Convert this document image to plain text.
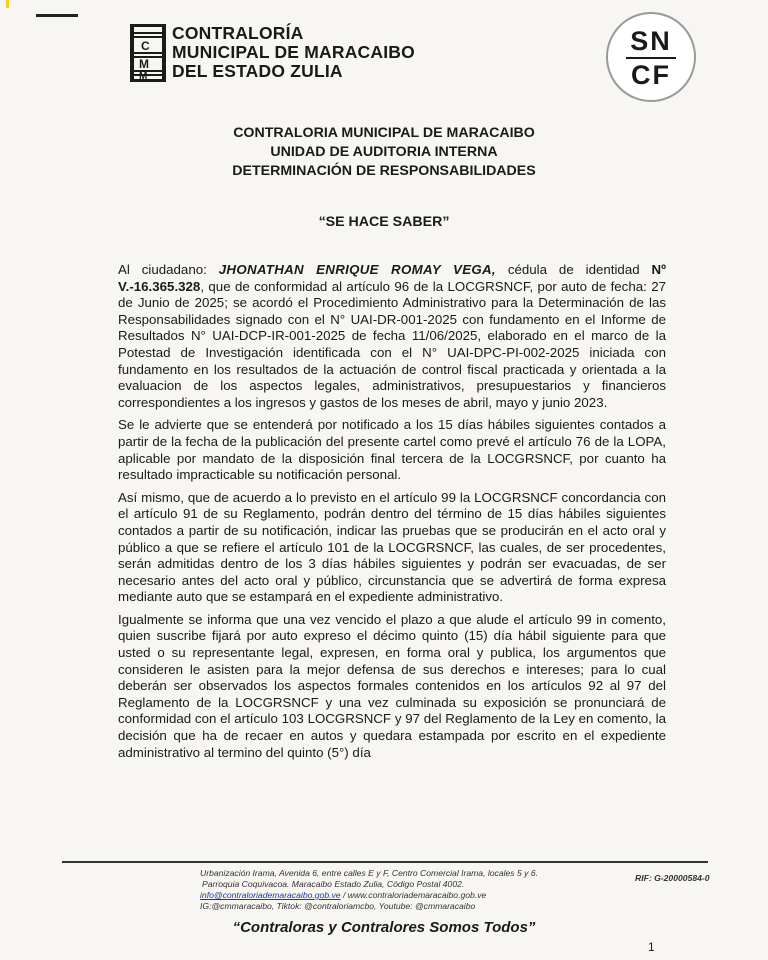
C
M
M
CONTRALORÍA
MUNICIPAL DE MARACAIBO
DEL ESTADO ZULIA
SN
CF
CONTRALORIA MUNICIPAL DE MARACAIBO
UNIDAD DE AUDITORIA INTERNA
DETERMINACIÓN DE RESPONSABILIDADES
“SE HACE SABER”

Al ciudadano: JHONATHAN ENRIQUE ROMAY VEGA, cédula de identidad Nº V.-16.365.328, que de conformidad al artículo 96 de la LOCGRSNCF, por auto de fecha: 27 de Junio de 2025; se acordó el Procedimiento Administrativo para la Determinación de las Responsabilidades signado con el N° UAI-DR-001-2025 con fundamento en el Informe de Resultados N° UAI-DCP-IR-001-2025 de fecha 11/06/2025, elaborado en el marco de la Potestad de Investigación identificada con el N° UAI-DPC-PI-002-2025 iniciada con fundamento en los resultados de la actuación de control fiscal practicada y orientada a la evaluacion de los aspectos legales, administrativos, presupuestarios y financieros correspondientes a los ingresos y gastos de los meses de abril, mayo y junio 2023.

Se le advierte que se entenderá por notificado a los 15 días hábiles siguientes contados a partir de la fecha de la publicación del presente cartel como prevé el artículo 76 de la LOPA, aplicable por mandato de la disposición final tercera de la LOCGRSNCF, por cuanto ha resultado impracticable su notificación personal.

Así mismo, que de acuerdo a lo previsto en el artículo 99 la LOCGRSNCF concordancia con el artículo 91 de su Reglamento, podrán dentro del término de 15 días hábiles siguientes contados a partir de su notificación, indicar las pruebas que se producirán en el acto oral y público a que se refiere el artículo 101 de la LOCGRSNCF, las cuales, de ser procedentes, serán admitidas dentro de los 3 días hábiles siguientes y podrán ser evacuadas, de ser necesario antes del acto oral y público, circunstancia que se advertirá de forma expresa mediante auto que se estampará en el expediente administrativo.

Igualmente se informa que una vez vencido el plazo a que alude el artículo 99 in comento, quien suscribe fijará por auto expreso el décimo quinto (15) día hábil siguiente para que usted o su representante legal, expresen, en forma oral y publica, los argumentos que consideren le asisten para la mejor defensa de sus derechos e intereses; para lo cual deberán ser observados los aspectos formales contenidos en los artículos 92 al 97 del Reglamento de la LOCGRSNCF y una vez culminada su exposición se pronunciará de conformidad con el artículo 103 LOCGRSNCF y 97 del Reglamento de la Ley en comento, la decisión que ha de recaer en autos y quedara estampada por escrito en el expediente administrativo al termino del quinto (5°) día

Urbanización Irama, Avenida 6, entre calles E y F, Centro Comercial Irama, locales 5 y 6.
Parroquia Coquivacoa. Maracaibo Estado Zulia, Código Postal 4002.
info@contraloriademaracaibo.gob.ve / www.contraloriademaracaibo.gob.ve
IG:@cmmaracaibo, Tiktok: @contraloriamcbo, Youtube: @cmmaracaibo
RIF: G-20000584-0
“Contraloras y Contralores Somos Todos”
1
